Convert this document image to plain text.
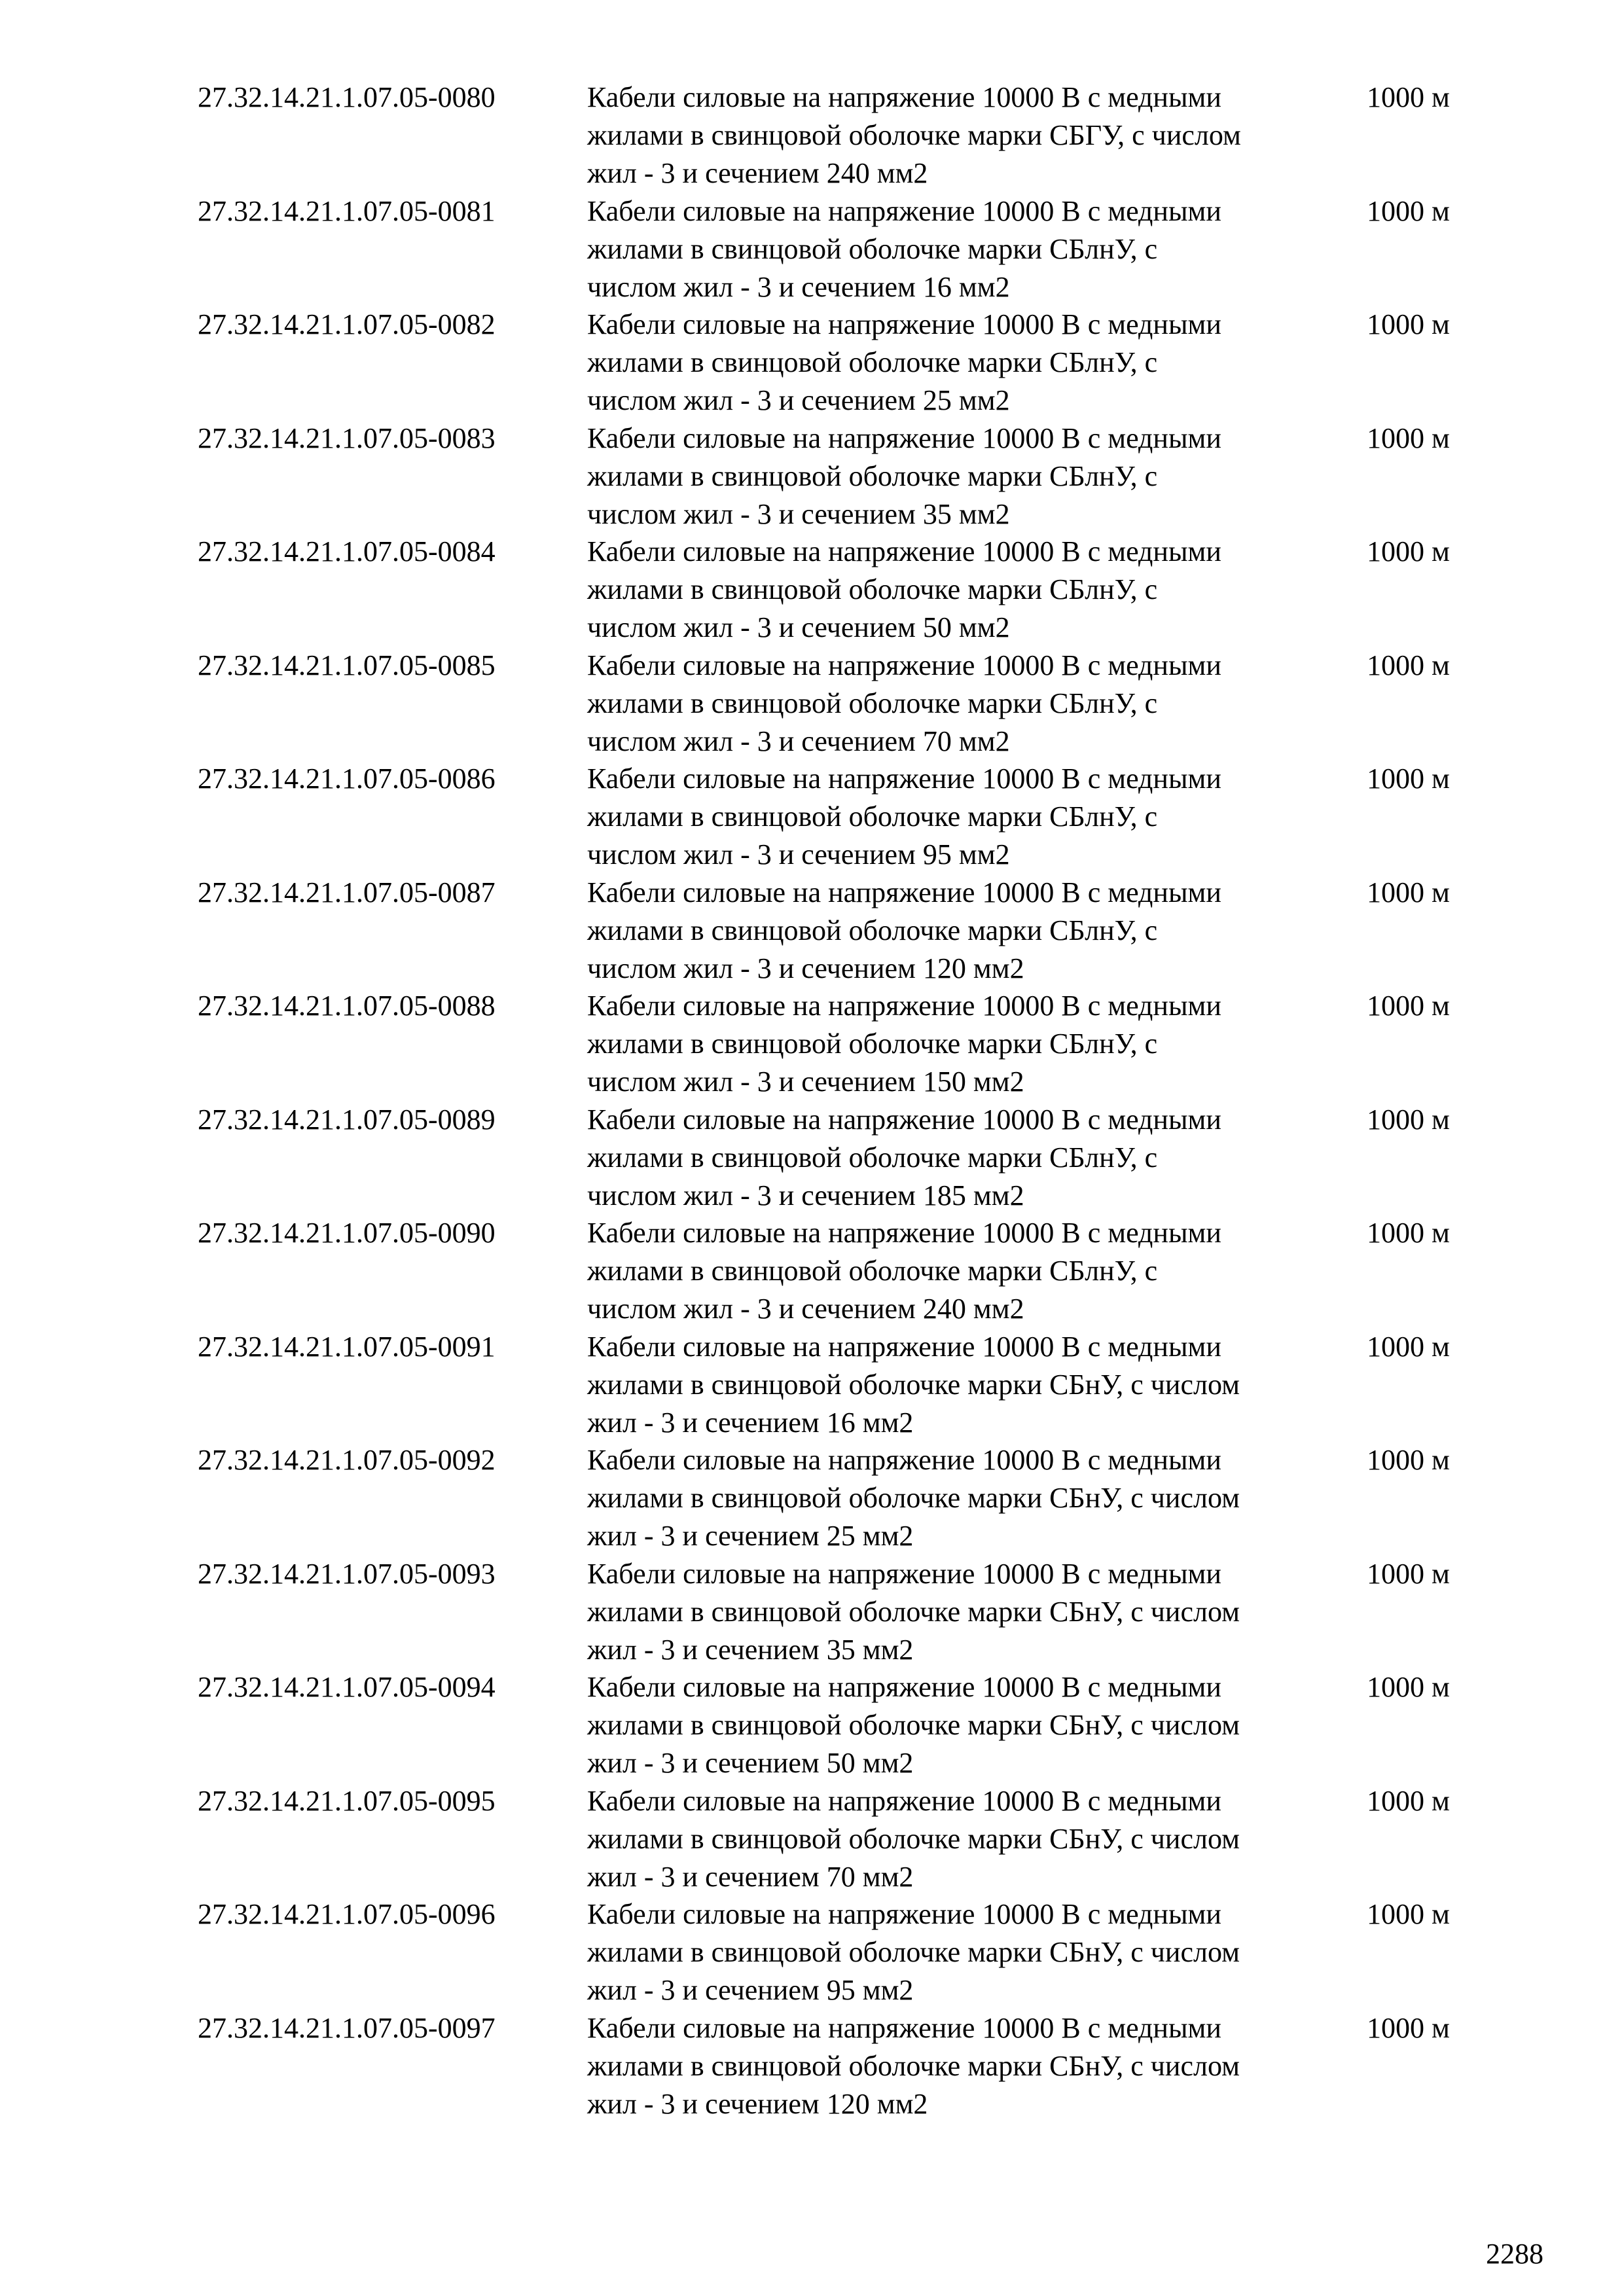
27.32.14.21.1.07.05-0080	Кабели силовые на напряжение 10000 В с медными
жилами в свинцовой оболочке марки СБГУ, с числом
жил - 3 и сечением 240 мм2
1000 м
27.32.14.21.1.07.05-0081	Кабели силовые на напряжение 10000 В с медными
жилами в свинцовой оболочке марки СБлнУ, с
числом жил - 3 и сечением 16 мм2
1000 м
27.32.14.21.1.07.05-0082	Кабели силовые на напряжение 10000 В с медными
жилами в свинцовой оболочке марки СБлнУ, с
числом жил - 3 и сечением 25 мм2
1000 м
27.32.14.21.1.07.05-0083	Кабели силовые на напряжение 10000 В с медными
жилами в свинцовой оболочке марки СБлнУ, с
числом жил - 3 и сечением 35 мм2
1000 м
27.32.14.21.1.07.05-0084	Кабели силовые на напряжение 10000 В с медными
жилами в свинцовой оболочке марки СБлнУ, с
числом жил - 3 и сечением 50 мм2
1000 м
27.32.14.21.1.07.05-0085	Кабели силовые на напряжение 10000 В с медными
жилами в свинцовой оболочке марки СБлнУ, с
числом жил - 3 и сечением 70 мм2
1000 м
27.32.14.21.1.07.05-0086	Кабели силовые на напряжение 10000 В с медными
жилами в свинцовой оболочке марки СБлнУ, с
числом жил - 3 и сечением 95 мм2
1000 м
27.32.14.21.1.07.05-0087	Кабели силовые на напряжение 10000 В с медными
жилами в свинцовой оболочке марки СБлнУ, с
числом жил - 3 и сечением 120 мм2
1000 м
27.32.14.21.1.07.05-0088	Кабели силовые на напряжение 10000 В с медными
жилами в свинцовой оболочке марки СБлнУ, с
числом жил - 3 и сечением 150 мм2
1000 м
27.32.14.21.1.07.05-0089	Кабели силовые на напряжение 10000 В с медными
жилами в свинцовой оболочке марки СБлнУ, с
числом жил - 3 и сечением 185 мм2
1000 м
27.32.14.21.1.07.05-0090	Кабели силовые на напряжение 10000 В с медными
жилами в свинцовой оболочке марки СБлнУ, с
числом жил - 3 и сечением 240 мм2
1000 м
27.32.14.21.1.07.05-0091	Кабели силовые на напряжение 10000 В с медными
жилами в свинцовой оболочке марки СБнУ, с числом
жил - 3 и сечением 16 мм2
1000 м
27.32.14.21.1.07.05-0092	Кабели силовые на напряжение 10000 В с медными
жилами в свинцовой оболочке марки СБнУ, с числом
жил - 3 и сечением 25 мм2
1000 м
27.32.14.21.1.07.05-0093	Кабели силовые на напряжение 10000 В с медными
жилами в свинцовой оболочке марки СБнУ, с числом
жил - 3 и сечением 35 мм2
1000 м
27.32.14.21.1.07.05-0094	Кабели силовые на напряжение 10000 В с медными
жилами в свинцовой оболочке марки СБнУ, с числом
жил - 3 и сечением 50 мм2
1000 м
27.32.14.21.1.07.05-0095	Кабели силовые на напряжение 10000 В с медными
жилами в свинцовой оболочке марки СБнУ, с числом
жил - 3 и сечением 70 мм2
1000 м
27.32.14.21.1.07.05-0096	Кабели силовые на напряжение 10000 В с медными
жилами в свинцовой оболочке марки СБнУ, с числом
жил - 3 и сечением 95 мм2
1000 м
27.32.14.21.1.07.05-0097	Кабели силовые на напряжение 10000 В с медными
жилами в свинцовой оболочке марки СБнУ, с числом
жил - 3 и сечением 120 мм2
1000 м
2288
